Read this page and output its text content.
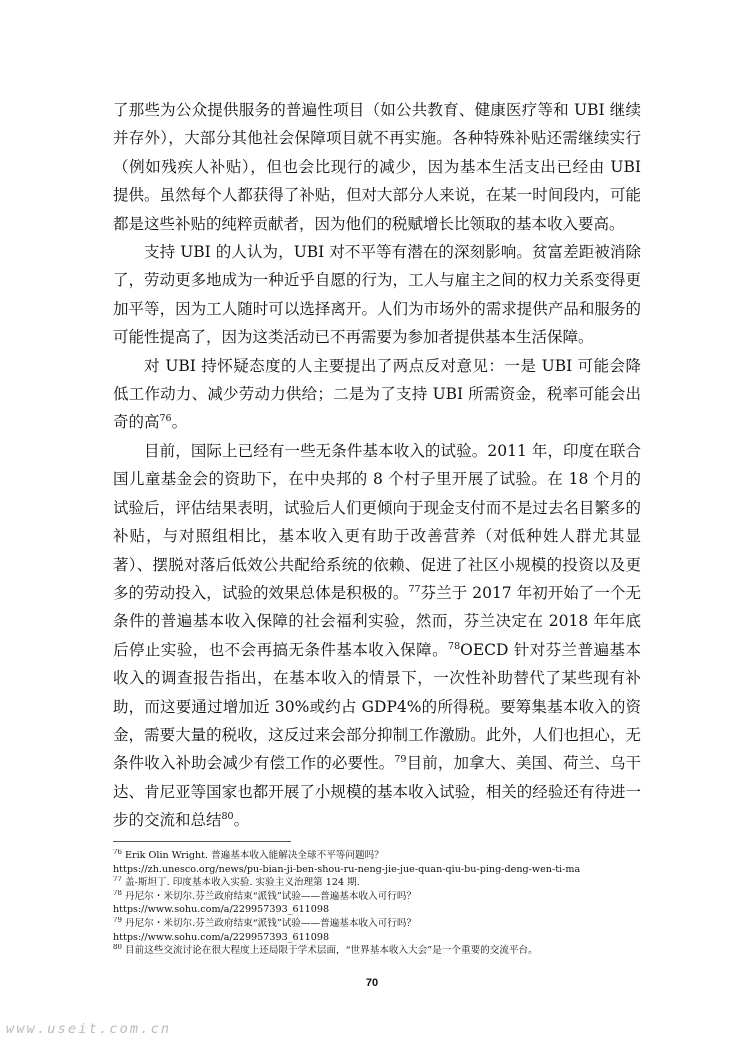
了那些为公众提供服务的普遍性项目（如公共教育、健康医疗等和 UBI 继续并存外），大部分其他社会保障项目就不再实施。各种特殊补贴还需继续实行（例如残疾人补贴），但也会比现行的减少，因为基本生活支出已经由 UBI 提供。虽然每个人都获得了补贴，但对大部分人来说，在某一时间段内，可能都是这些补贴的纯粹贡献者，因为他们的税赋增长比领取的基本收入要高。

支持 UBI 的人认为，UBI 对不平等有潜在的深刻影响。贫富差距被消除了，劳动更多地成为一种近乎自愿的行为，工人与雇主之间的权力关系变得更加平等，因为工人随时可以选择离开。人们为市场外的需求提供产品和服务的可能性提高了，因为这类活动已不再需要为参加者提供基本生活保障。

对 UBI 持怀疑态度的人主要提出了两点反对意见：一是 UBI 可能会降低工作动力、减少劳动力供给；二是为了支持 UBI 所需资金，税率可能会出奇的高$^{76}$。

目前，国际上已经有一些无条件基本收入的试验。2011 年，印度在联合国儿童基金会的资助下，在中央邦的 8 个村子里开展了试验。在 18 个月的试验后，评估结果表明，试验后人们更倾向于现金支付而不是过去名目繁多的补贴，与对照组相比，基本收入更有助于改善营养（对低种姓人群尤其显著）、摆脱对落后低效公共配给系统的依赖、促进了社区小规模的投资以及更多的劳动投入，试验的效果总体是积极的。$^{77}$芬兰于 2017 年初开始了一个无条件的普遍基本收入保障的社会福利实验，然而，芬兰决定在 2018 年年底后停止实验，也不会再搞无条件基本收入保障。$^{78}$OECD 针对芬兰普遍基本收入的调查报告指出，在基本收入的情景下，一次性补助替代了某些现有补助，而这要通过增加近 30%或约占 GDP4%的所得税。要筹集基本收入的资金，需要大量的税收，这反过来会部分抑制工作激励。此外，人们也担心，无条件收入补助会减少有偿工作的必要性。$^{79}$目前，加拿大、美国、荷兰、乌干达、肯尼亚等国家也都开展了小规模的基本收入试验，相关的经验还有待进一步的交流和总结$^{80}$。

$^{76}$ Erik Olin Wright. 普遍基本收入能解决全球不平等问题吗？

https://zh.unesco.org/news/pu-bian-ji-ben-shou-ru-neng-jie-jue-quan-qiu-bu-ping-deng-wen-ti-ma

$^{77}$ 盖-斯坦丁. 印度基本收入实验. 实验主义治理第 124 期.

$^{78}$ 丹尼尔・米切尔.芬兰政府结束“派钱”试验——普遍基本收入可行吗？

https://www.sohu.com/a/229957393_611098

$^{79}$ 丹尼尔・米切尔.芬兰政府结束“派钱”试验——普遍基本收入可行吗？

https://www.sohu.com/a/229957393_611098

$^{80}$ 目前这些交流讨论在很大程度上还局限于学术层面，“世界基本收入大会”是一个重要的交流平台。

70
www.useit.com.cn
